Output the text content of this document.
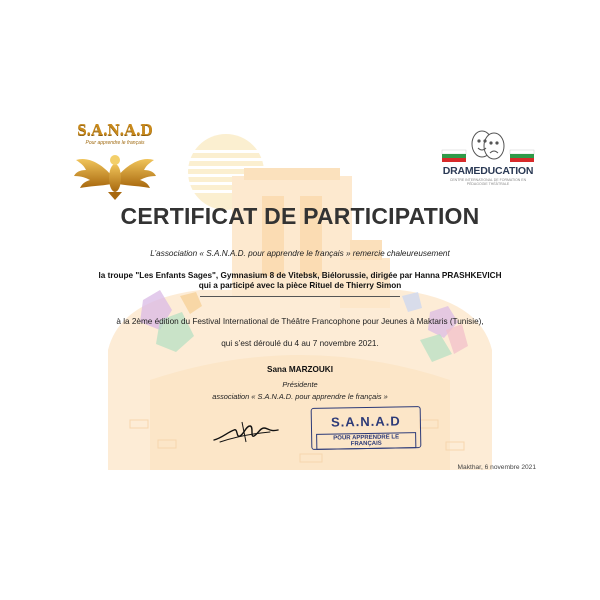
S.A.N.A.D
Pour apprendre le français
DRAMEDUCATION
CENTRE INTERNATIONAL DE FORMATION EN PÉDAGOGIE THÉÂTRALE
CERTIFICAT DE PARTICIPATION
L’association « S.A.N.A.D. pour apprendre le français » remercie chaleureusement
la troupe "Les Enfants Sages", Gymnasium 8 de Vitebsk, Biélorussie, dirigée par Hanna PRASHKEVICH
qui a participé avec la pièce Rituel de Thierry Simon
à la 2ème édition du Festival International de Théâtre Francophone pour Jeunes à Maktaris (Tunisie),
qui s’est déroulé du 4 au 7 novembre 2021.
Sana MARZOUKI
Présidente
association « S.A.N.A.D. pour apprendre le français »
S.A.N.A.D
POUR APPRENDRE LE FRANÇAIS
Makthar, 6 novembre 2021
